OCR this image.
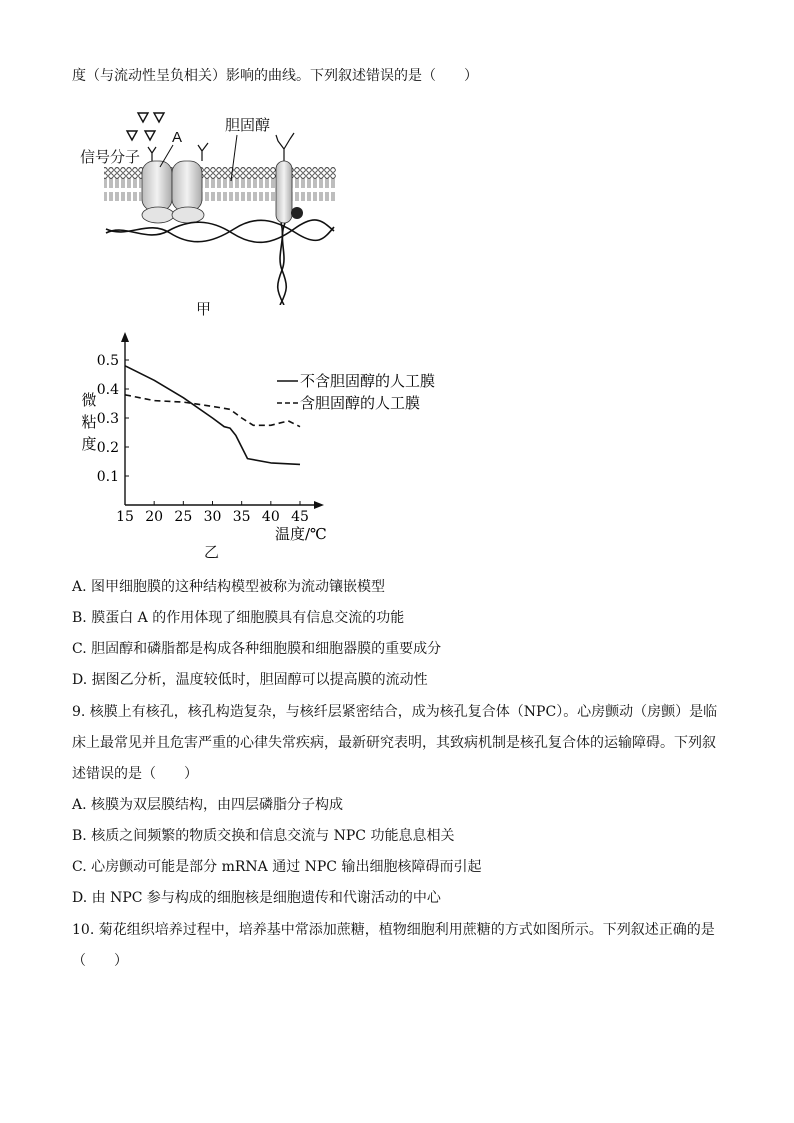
度（与流动性呈负相关）影响的曲线。下列叙述错误的是（　　）
信号分子
A
胆固醇
甲
15 20 25 30 35 40 45
0.1
0.2
0.3
0.4
0.5
微
粘
度
温度/℃
不含胆固醇的人工膜
含胆固醇的人工膜
乙
A. 图甲细胞膜的这种结构模型被称为流动镶嵌模型
B. 膜蛋白 A 的作用体现了细胞膜具有信息交流的功能
C. 胆固醇和磷脂都是构成各种细胞膜和细胞器膜的重要成分
D. 据图乙分析，温度较低时，胆固醇可以提高膜的流动性
9. 核膜上有核孔，核孔构造复杂，与核纤层紧密结合，成为核孔复合体（NPC）。心房颤动（房颤）是临
床上最常见并且危害严重的心律失常疾病，最新研究表明，其致病机制是核孔复合体的运输障碍。下列叙
述错误的是（　　）
A. 核膜为双层膜结构，由四层磷脂分子构成
B. 核质之间频繁的物质交换和信息交流与 NPC 功能息息相关
C. 心房颤动可能是部分 mRNA 通过 NPC 输出细胞核障碍而引起
D. 由 NPC 参与构成的细胞核是细胞遗传和代谢活动的中心
10. 菊花组织培养过程中，培养基中常添加蔗糖，植物细胞利用蔗糖的方式如图所示。下列叙述正确的是
（　　）
